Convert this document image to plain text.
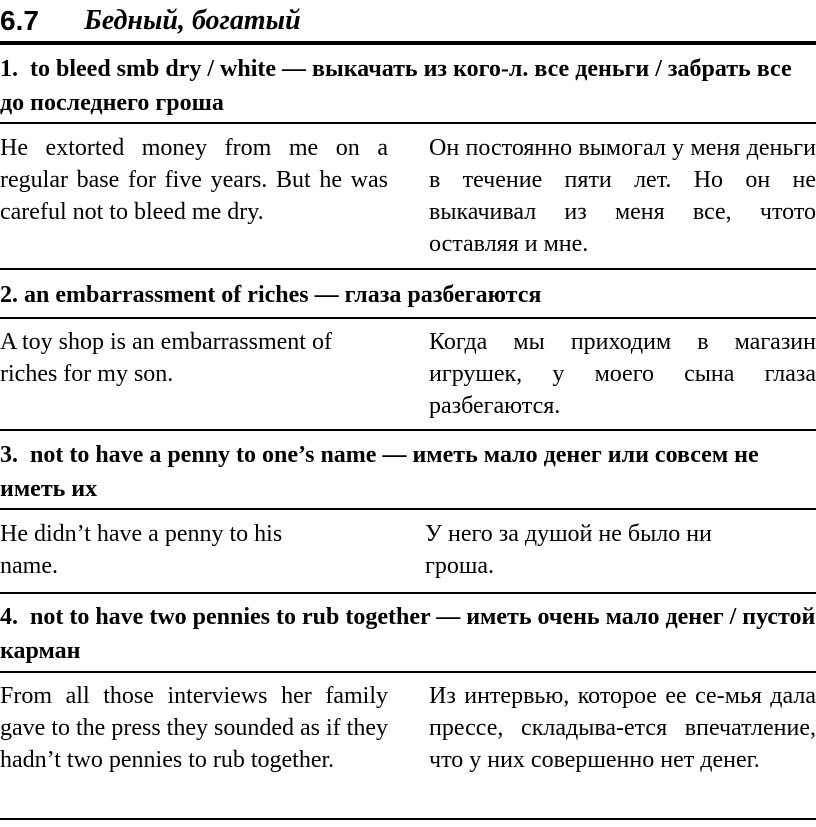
6.7 Бедный, богатый
1.  to bleed smb dry / white — выкачать из кого-л. все деньги / забрать все до последнего гроша
He extorted money from me on a regular base for five years. But he was careful not to bleed me dry.
Он постоянно вымогал у меня деньги в течение пяти лет. Но он не выкачивал из меня все, чтото оставляя и мне.
2. an embarrassment of riches — глаза разбегаются
A toy shop is an embarrassment of riches for my son.
Когда мы приходим в магазин игрушек, у моего сына глаза разбегаются.
3.  not to have a penny to one’s name — иметь мало денег или совсем не иметь их
He didn’t have a penny to his name.
У него за душой не было ни гроша.
4.  not to have two pennies to rub together — иметь очень мало денег / пустой карман
From all those interviews her family gave to the press they sounded as if they hadn’t two pennies to rub together.
Из интервью, которое ее се-мья дала прессе, складыва-ется впечатление, что у них совершенно нет денег.
